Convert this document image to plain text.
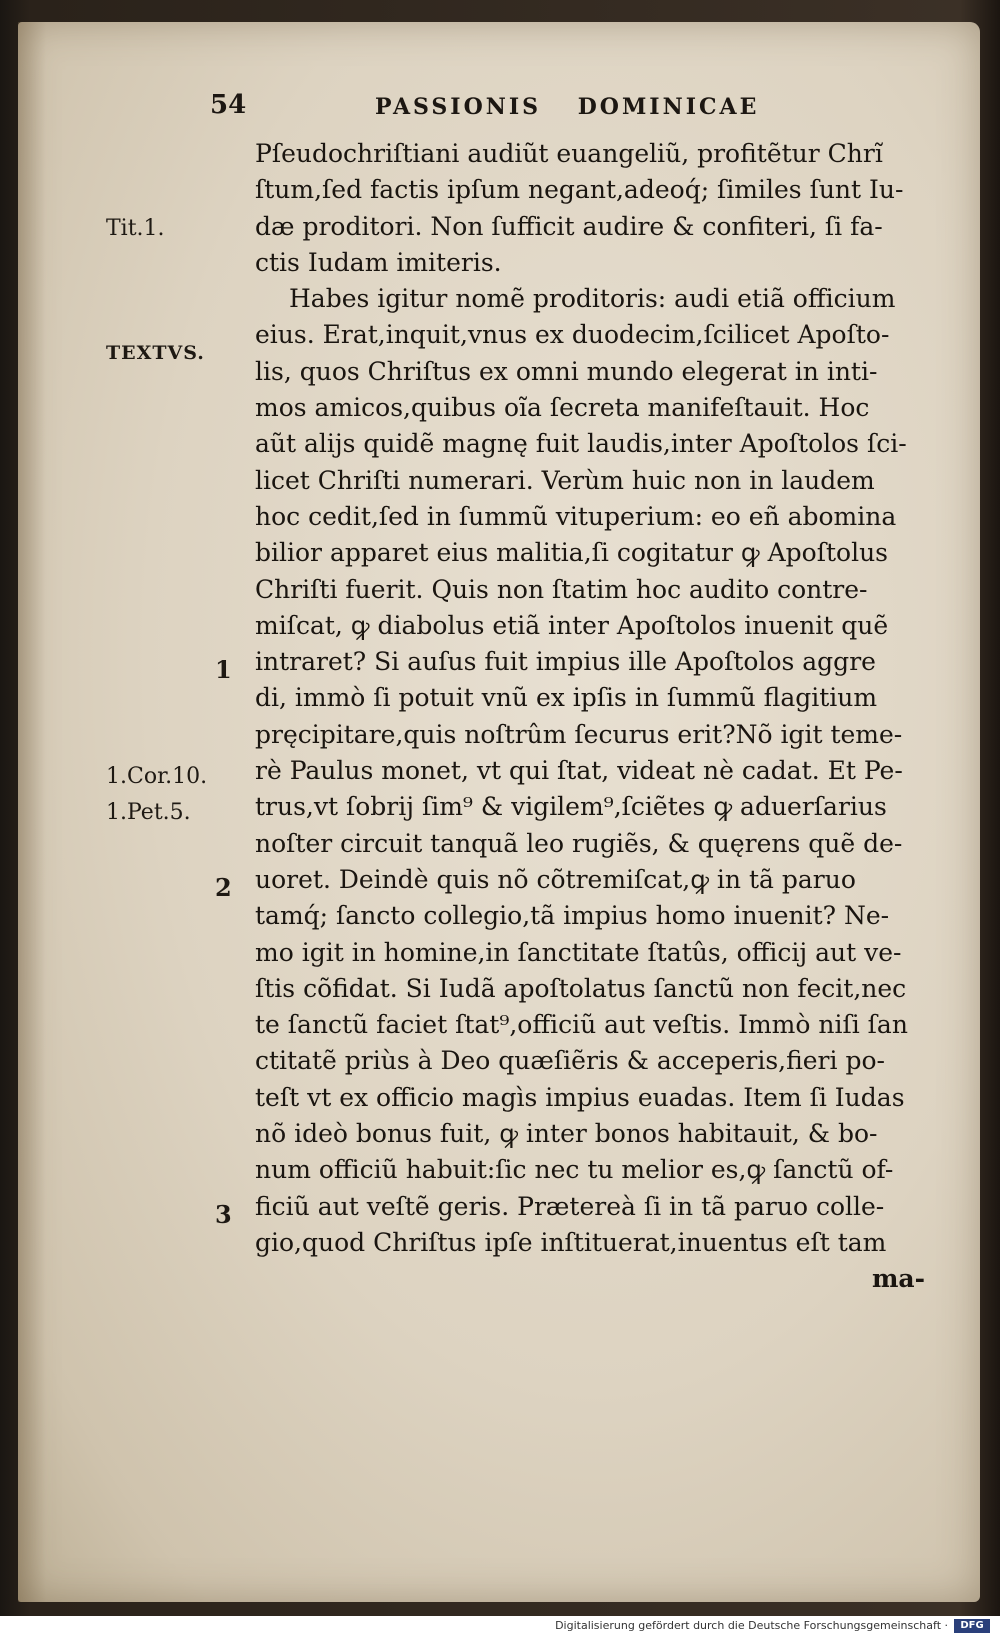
54	PASSIONIS DOMINICAE
Pſeudochriſtiani audiũt euangeliũ, profitẽtur Chrĩ
ſtum,ſed factis ipſum negant,adeoq́; ſimiles ſunt Iu-
dæ proditori. Non ſufficit audire & confiteri, ſi fa-
ctis Iudam imiteris.
Habes igitur nomẽ proditoris: audi etiã officium
eius. Erat,inquit,vnus ex duodecim,ſcilicet Apoſto-
lis, quos Chriſtus ex omni mundo elegerat in inti-
mos amicos,quibus oĩa ſecreta manifeſtauit. Hoc
aũt alijs quidẽ magnę fuit laudis,inter Apoſtolos ſci-
licet Chriſti numerari. Verùm huic non in laudem
hoc cedit,ſed in ſummũ vituperium: eo eñ abomina
bilior apparet eius malitia,ſi cogitatur ꝙ Apoſtolus
Chriſti fuerit. Quis non ſtatim hoc audito contre-
miſcat, ꝙ diabolus etiã inter Apoſtolos inuenit quẽ
intraret? Si auſus fuit impius ille Apoſtolos aggre
di, immò ſi potuit vnũ ex ipſis in ſummũ flagitium
pręcipitare,quis noſtrûm ſecurus erit?Nõ igit teme-
rè Paulus monet, vt qui ſtat, videat nè cadat. Et Pe-
trus,vt ſobrij ſim⁹ & vigilem⁹,ſciẽtes ꝙ aduerſarius
noſter circuit tanquã leo rugiẽs, & quęrens quẽ de-
uoret. Deindè quis nõ cõtremiſcat,ꝙ in tã paruo
tamq́; ſancto collegio,tã impius homo inuenit? Ne-
mo igit in homine,in ſanctitate ſtatûs, officij aut ve-
ſtis cõfidat. Si Iudã apoſtolatus ſanctũ non fecit,nec
te ſanctũ faciet ſtat⁹,officiũ aut veſtis. Immò niſi ſan
ctitatẽ priùs à Deo quæſiẽris & acceperis,fieri po-
teſt vt ex officio magìs impius euadas. Item ſi Iudas
nõ ideò bonus fuit, ꝙ inter bonos habitauit, & bo-
num officiũ habuit:ſic nec tu melior es,ꝙ ſanctũ of-
ficiũ aut veſtẽ geris. Prætereà ſi in tã paruo colle-
gio,quod Chriſtus ipſe inſtituerat,inuentus eſt tam
ma-
Tit.1.
TEXTVS.
1
1.Cor.10.
1.Pet.5.
2
3
Digitalisierung gefördert durch die Deutsche Forschungsgemeinschaft ·	DFG
